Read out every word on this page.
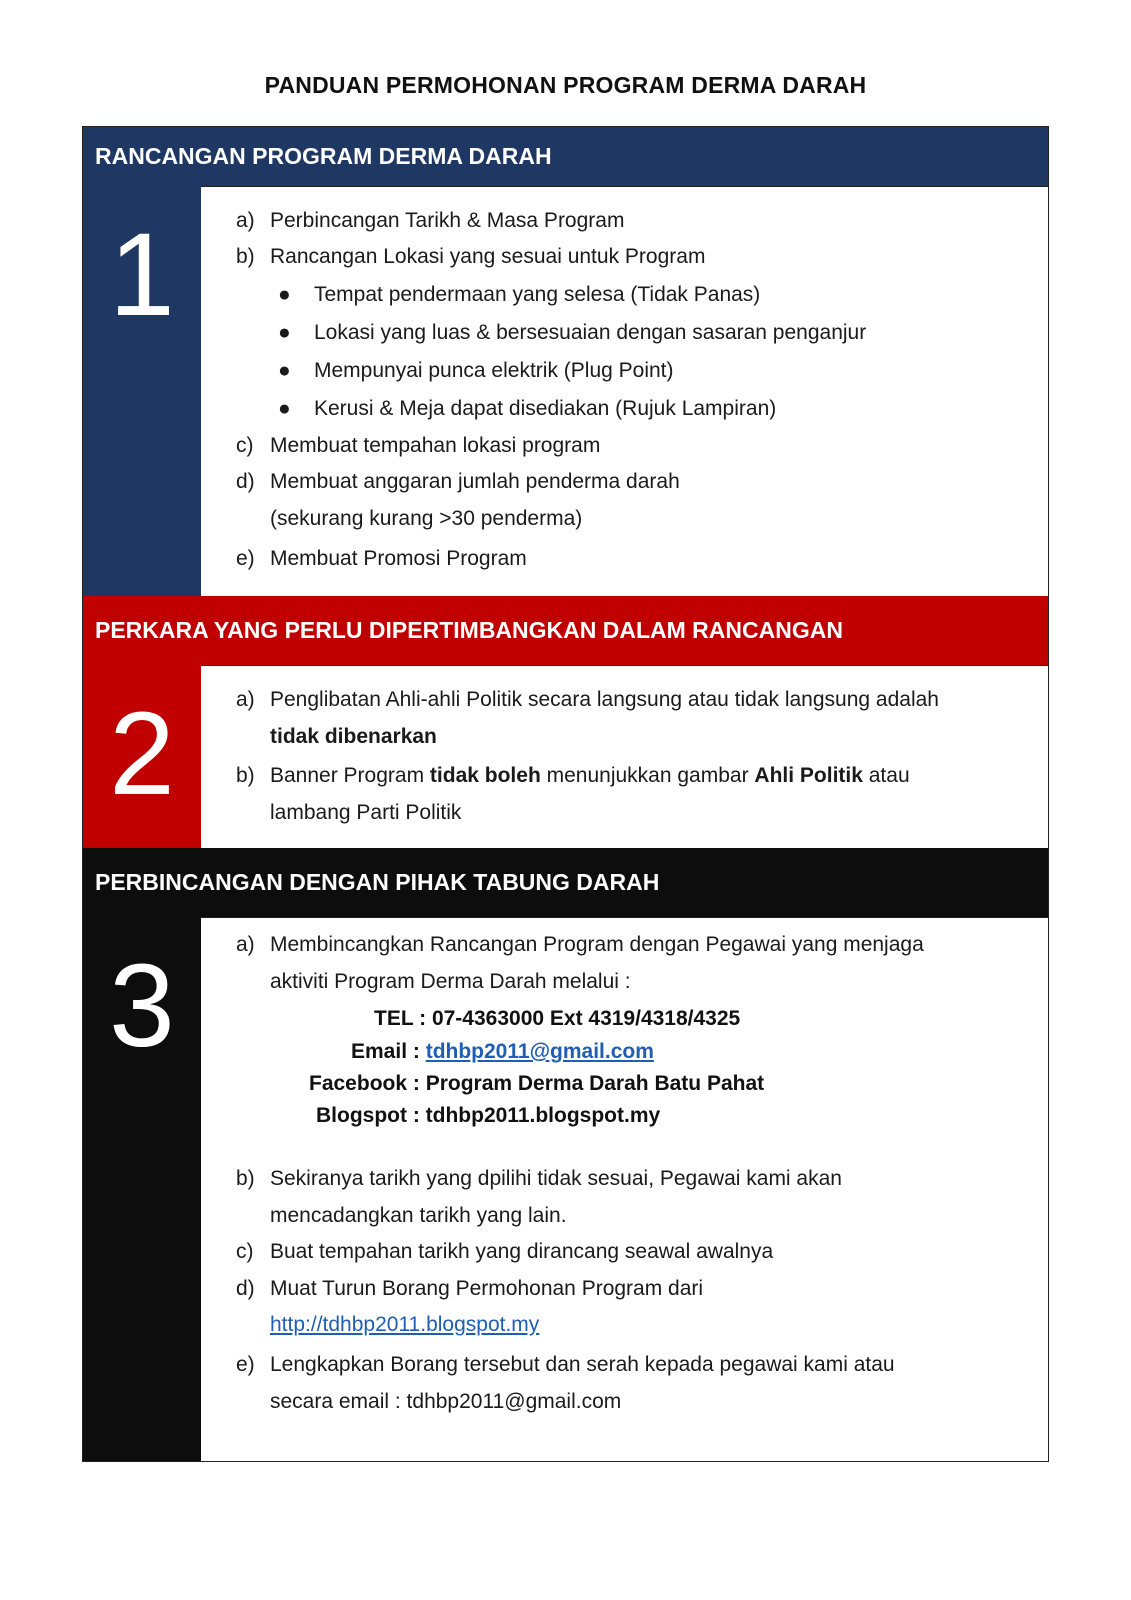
PANDUAN PERMOHONAN PROGRAM DERMA DARAH
RANCANGAN PROGRAM DERMA DARAH
1	a) Perbincangan Tarikh & Masa Program
b) Rancangan Lokasi yang sesuai untuk Program
● Tempat pendermaan yang selesa (Tidak Panas)
● Lokasi yang luas & bersesuaian dengan sasaran penganjur
● Mempunyai punca elektrik (Plug Point)
● Kerusi & Meja dapat disediakan (Rujuk Lampiran)
c) Membuat tempahan lokasi program
d) Membuat anggaran jumlah penderma darah
(sekurang kurang >30 penderma)
e) Membuat Promosi Program
PERKARA YANG PERLU DIPERTIMBANGKAN DALAM RANCANGAN
2	a) Penglibatan Ahli-ahli Politik secara langsung atau tidak langsung adalah
tidak dibenarkan
b) Banner Program tidak boleh menunjukkan gambar Ahli Politik atau
lambang Parti Politik
PERBINCANGAN DENGAN PIHAK TABUNG DARAH
3	a) Membincangkan Rancangan Program dengan Pegawai yang menjaga
aktiviti Program Derma Darah melalui :
TEL : 07-4363000 Ext 4319/4318/4325
Email : tdhbp2011@gmail.com
Facebook : Program Derma Darah Batu Pahat
Blogspot : tdhbp2011.blogspot.my
b) Sekiranya tarikh yang dpilihi tidak sesuai, Pegawai kami akan
mencadangkan tarikh yang lain.
c) Buat tempahan tarikh yang dirancang seawal awalnya
d) Muat Turun Borang Permohonan Program dari
http://tdhbp2011.blogspot.my
e) Lengkapkan Borang tersebut dan serah kepada pegawai kami atau
secara email : tdhbp2011@gmail.com
